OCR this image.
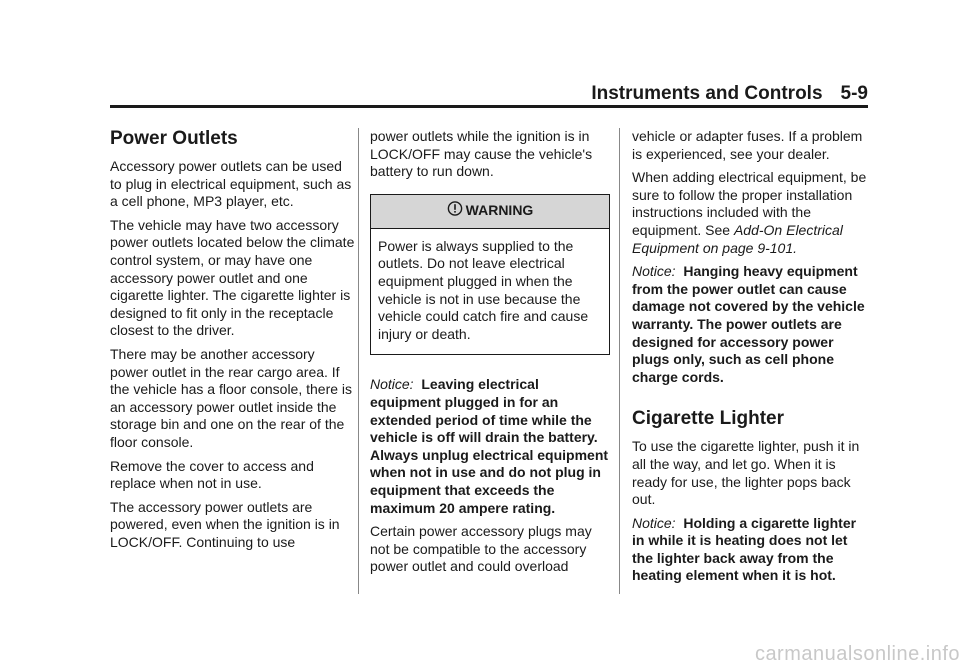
Instruments and Controls 5-9
Power Outlets

Accessory power outlets can be used to plug in electrical equipment, such as a cell phone, MP3 player, etc.

The vehicle may have two accessory power outlets located below the climate control system, or may have one accessory power outlet and one cigarette lighter. The cigarette lighter is designed to fit only in the receptacle closest to the driver.

There may be another accessory power outlet in the rear cargo area. If the vehicle has a floor console, there is an accessory power outlet inside the storage bin and one on the rear of the floor console.

Remove the cover to access and replace when not in use.

The accessory power outlets are powered, even when the ignition is in LOCK/OFF. Continuing to use

power outlets while the ignition is in LOCK/OFF may cause the vehicle's battery to run down.

WARNING
Power is always supplied to the outlets. Do not leave electrical equipment plugged in when the vehicle is not in use because the vehicle could catch fire and cause injury or death.

Notice: Leaving electrical equipment plugged in for an extended period of time while the vehicle is off will drain the battery. Always unplug electrical equipment when not in use and do not plug in equipment that exceeds the maximum 20 ampere rating.

Certain power accessory plugs may not be compatible to the accessory power outlet and could overload

vehicle or adapter fuses. If a problem is experienced, see your dealer.

When adding electrical equipment, be sure to follow the proper installation instructions included with the equipment. See Add-On Electrical Equipment on page 9-101.

Notice: Hanging heavy equipment from the power outlet can cause damage not covered by the vehicle warranty. The power outlets are designed for accessory power plugs only, such as cell phone charge cords.

Cigarette Lighter

To use the cigarette lighter, push it in all the way, and let go. When it is ready for use, the lighter pops back out.

Notice: Holding a cigarette lighter in while it is heating does not let the lighter back away from the heating element when it is hot.

carmanualsonline.info
